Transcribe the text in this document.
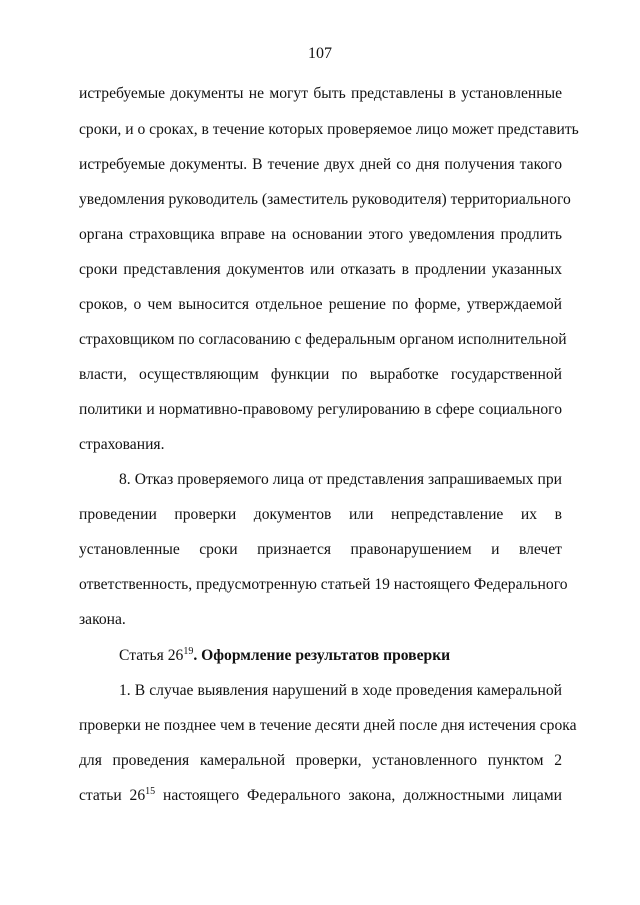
107
истребуемые документы не могут быть представлены в установленные
сроки, и о сроках, в течение которых проверяемое лицо может представить
истребуемые документы. В течение двух дней со дня получения такого
уведомления руководитель (заместитель руководителя) территориального
органа страховщика вправе на основании этого уведомления продлить
сроки представления документов или отказать в продлении указанных
сроков, о чем выносится отдельное решение по форме, утверждаемой
страховщиком по согласованию с федеральным органом исполнительной
власти, осуществляющим функции по выработке государственной
политики и нормативно-правовому регулированию в сфере социального
страхования.
8. Отказ проверяемого лица от представления запрашиваемых при
проведении проверки документов или непредставление их в
установленные сроки признается правонарушением и влечет
ответственность, предусмотренную статьей 19 настоящего Федерального
закона.
Статья $26^{19}$. Оформление результатов проверки
1. В случае выявления нарушений в ходе проведения камеральной
проверки не позднее чем в течение десяти дней после дня истечения срока
для проведения камеральной проверки, установленного пунктом 2
статьи $26^{15}$ настоящего Федерального закона, должностными лицами
